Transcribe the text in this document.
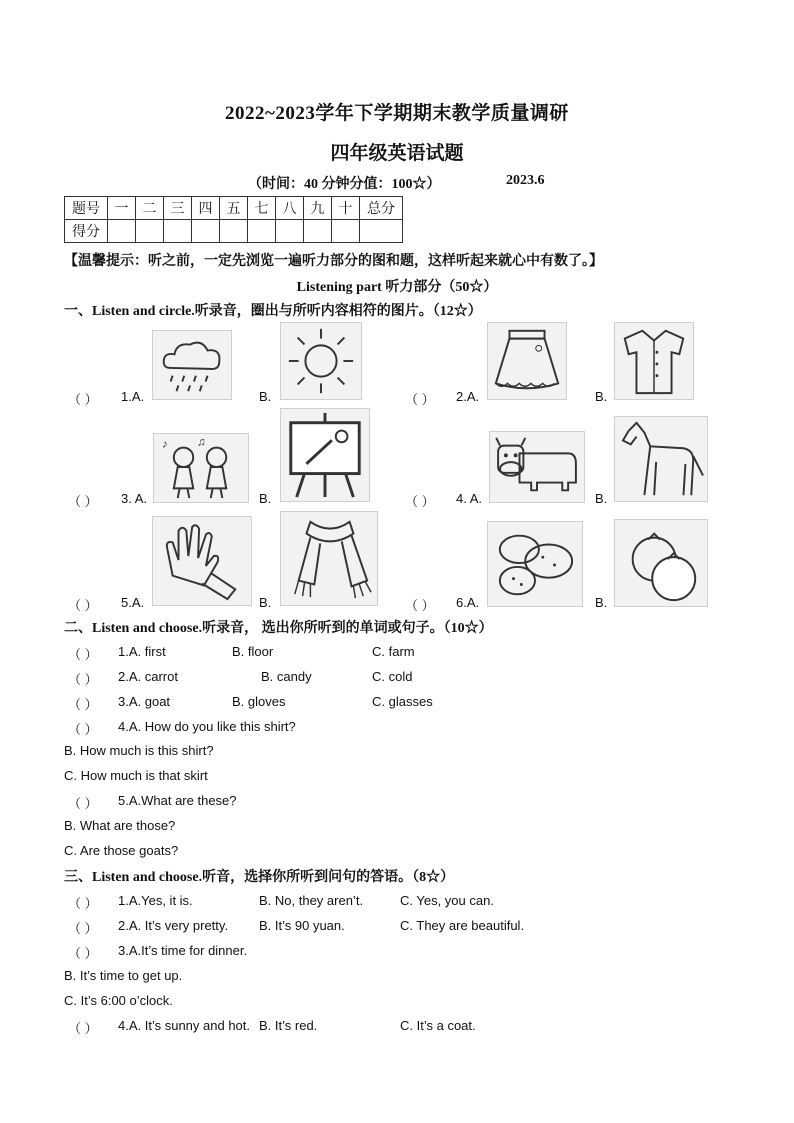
2022~2023学年下学期期末教学质量调研
四年级英语试题
（时间：40 分钟分值：100☆）	2023.6
题号	一	二	三	四	五	七	八	九	十	总分
得分										
【温馨提示：听之前，一定先浏览一遍听力部分的图和题，这样听起来就心中有数了。】
Listening part 听力部分（50☆）
一、Listen and circle.听录音，圈出与所听内容相符的图片。（12☆）
（ ） 1.A.	B.	（ ） 2.A.	B.
（ ） 3. A.
♪ ♫
B.	（ ） 4. A.	B.
（ ） 5.A.	B.	（ ） 6.A.	B.
二、Listen and choose.听录音， 选出你所听到的单词或句子。（10☆）
（ ） 1.A. first	B. floor	C. farm
（ ） 2.A. carrot	B. candy	C. cold
（ ） 3.A. goat	B. gloves	C. glasses
（ ） 4.A. How do you like this shirt?
B. How much is this shirt?
C. How much is that skirt
（ ） 5.A.What are these?
B. What are those?
C. Are those goats?
三、Listen and choose.听音，选择你所听到问句的答语。（8☆）
（ ） 1.A.Yes, it is.	B. No, they aren’t.	C. Yes, you can.
（ ） 2.A. It’s very pretty. B. It’s 90 yuan.	C. They are beautiful.
（ ） 3.A.It’s time for dinner.
B. It’s time to get up.
C. It’s 6:00 o’clock.
（ ） 4.A. It’s sunny and hot. B. It’s red.	C. It’s a coat.
